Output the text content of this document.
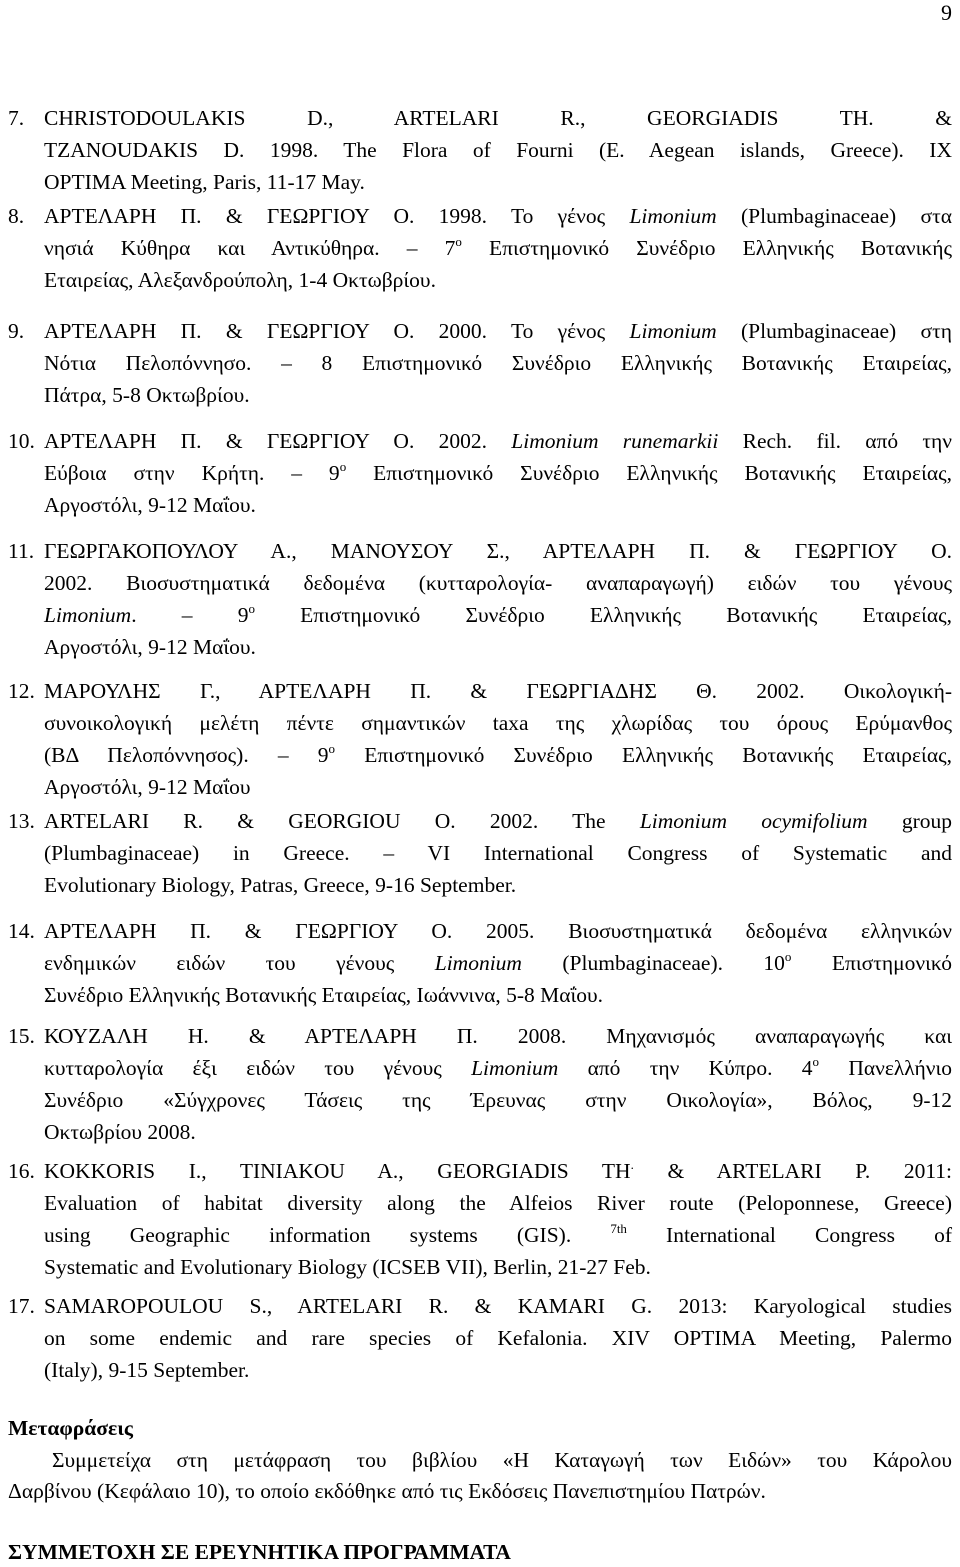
9
7. CHRISTODOULAKIS D., ARTELARI R., GEORGIADIS TH. &
TZANOUDAKIS D. 1998. The Flora of Fourni (E. Aegean islands, Greece). IX
OPTIMA Meeting, Paris, 11-17 May.
8. ΑΡΤΕΛΑΡΗ Π. & ΓΕΩΡΓΙΟΥ Ο. 1998. Το γένος Limonium (Plumbaginaceae) στα
νησιά Κύθηρα και Αντικύθηρα. – $7^o$ Επιστημονικό Συνέδριο Ελληνικής Βοτανικής
Εταιρείας, Αλεξανδρούπολη, 1-4 Οκτωβρίου.
9. ΑΡΤΕΛΑΡΗ Π. & ΓΕΩΡΓΙΟΥ Ο. 2000. Το γένος Limonium (Plumbaginaceae) στη
Νότια Πελοπόννησο. – 8 Επιστημονικό Συνέδριο Ελληνικής Βοτανικής Εταιρείας,
Πάτρα, 5-8 Οκτωβρίου.
10. ΑΡΤΕΛΑΡΗ Π. & ΓΕΩΡΓΙΟΥ Ο. 2002. Limonium runemarkii Rech. fil. από την
Εύβοια στην Κρήτη. – $9^o$ Επιστημονικό Συνέδριο Ελληνικής Βοτανικής Εταιρείας,
Αργοστόλι, 9-12 Μαΐου.
11. ΓΕΩΡΓΑΚΟΠΟΥΛΟΥ Α., ΜΑΝΟΥΣΟΥ Σ., ΑΡΤΕΛΑΡΗ Π. & ΓΕΩΡΓΙΟΥ Ο.
2002. Βιοσυστηματικά δεδομένα (κυτταρολογία- αναπαραγωγή) ειδών του γένους
Limonium. – $9^o$ Επιστημονικό Συνέδριο Ελληνικής Βοτανικής Εταιρείας,
Αργοστόλι, 9-12 Μαΐου.
12. ΜΑΡΟΥΛΗΣ Γ., ΑΡΤΕΛΑΡΗ Π. & ΓΕΩΡΓΙΑΔΗΣ Θ. 2002. Οικολογική-
συνοικολογική μελέτη πέντε σημαντικών taxa της χλωρίδας του όρους Ερύμανθος
(ΒΔ Πελοπόννησος). – $9^o$ Επιστημονικό Συνέδριο Ελληνικής Βοτανικής Εταιρείας,
Αργοστόλι, 9-12 Μαΐου
13. ARTELARI R. & GEORGIOU O. 2002. The Limonium ocymifolium group
(Plumbaginaceae) in Greece. – VI International Congress of Systematic and
Evolutionary Biology, Patras, Greece, 9-16 September.
14. ΑΡΤΕΛΑΡΗ Π. & ΓΕΩΡΓΙΟΥ Ο. 2005. Βιοσυστηματικά δεδομένα ελληνικών
ενδημικών ειδών του γένους Limonium (Plumbaginaceae). $10^o$ Επιστημονικό
Συνέδριο Ελληνικής Βοτανικής Εταιρείας, Ιωάννινα, 5-8 Μαΐου.
15. ΚΟΥΖΑΛΗ Η. & ΑΡΤΕΛΑΡΗ Π. 2008. Μηχανισμός αναπαραγωγής και
κυτταρολογία έξι ειδών του γένους Limonium από την Κύπρο. $4^o$ Πανελλήνιο
Συνέδριο «Σύγχρονες Τάσεις της Έρευνας στην Οικολογία», Βόλος, 9-12
Οκτωβρίου 2008.
16. KOKKORIS I., TINIAKOU A., GEORGIADIS TH. & ARTELARI P. 2011:
Evaluation of habitat diversity along the Alfeios River route (Peloponnese, Greece)
using Geographic information systems (GIS). $^{7th}$ International Congress of
Systematic and Evolutionary Biology (ICSEB VII), Berlin, 21-27 Feb.
17. SAMAROPOULOU S., ARTELARI R. & KAMARI G. 2013: Karyological studies
on some endemic and rare species of Kefalonia. XIV OPTIMA Meeting, Palermo
(Italy), 9-15 September.
Μεταφράσεις
Συμμετείχα στη μετάφραση του βιβλίου «Η Καταγωγή των Ειδών» του Κάρολου
Δαρβίνου (Κεφάλαιο 10), το οποίο εκδόθηκε από τις Εκδόσεις Πανεπιστημίου Πατρών.
ΣΥΜΜΕΤΟΧΗ ΣΕ ΕΡΕΥΝΗΤΙΚΑ ΠΡΟΓΡΑΜΜΑΤΑ
